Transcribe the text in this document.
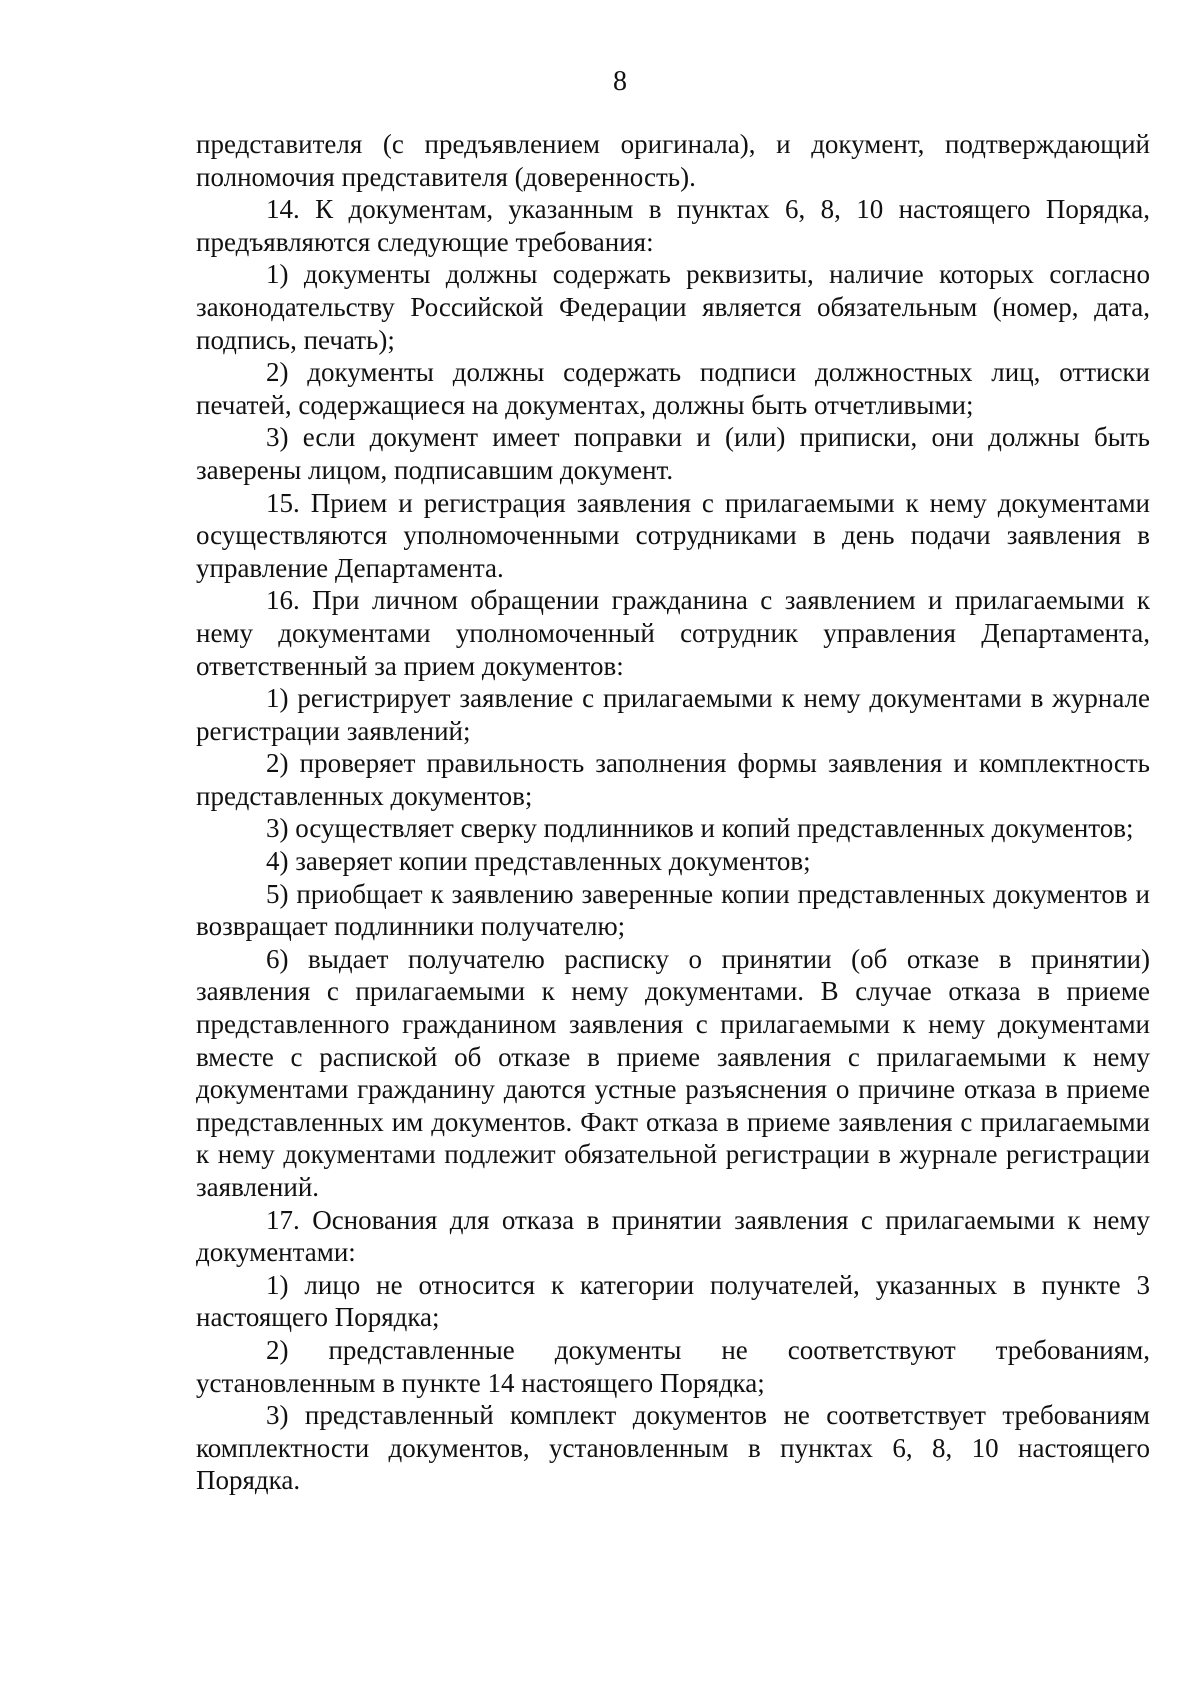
8

представителя (с предъявлением оригинала), и документ, подтверждающий полномочия представителя (доверенность).

14. К документам, указанным в пунктах 6, 8, 10 настоящего Порядка, предъявляются следующие требования:

1) документы должны содержать реквизиты, наличие которых согласно законодательству Российской Федерации является обязательным (номер, дата, подпись, печать);

2) документы должны содержать подписи должностных лиц, оттиски печатей, содержащиеся на документах, должны быть отчетливыми;

3) если документ имеет поправки и (или) приписки, они должны быть заверены лицом, подписавшим документ.

15. Прием и регистрация заявления с прилагаемыми к нему документами осуществляются уполномоченными сотрудниками в день подачи заявления в управление Департамента.

16. При личном обращении гражданина с заявлением и прилагаемыми к нему документами уполномоченный сотрудник управления Департамента, ответственный за прием документов:

1) регистрирует заявление с прилагаемыми к нему документами в журнале регистрации заявлений;

2) проверяет правильность заполнения формы заявления и комплектность представленных документов;

3) осуществляет сверку подлинников и копий представленных документов;

4) заверяет копии представленных документов;

5) приобщает к заявлению заверенные копии представленных документов и возвращает подлинники получателю;

6) выдает получателю расписку о принятии (об отказе в принятии) заявления с прилагаемыми к нему документами. В случае отказа в приеме представленного гражданином заявления с прилагаемыми к нему документами вместе с распиской об отказе в приеме заявления с прилагаемыми к нему документами гражданину даются устные разъяснения о причине отказа в приеме представленных им документов. Факт отказа в приеме заявления с прилагаемыми к нему документами подлежит обязательной регистрации в журнале регистрации заявлений.

17. Основания для отказа в принятии заявления с прилагаемыми к нему документами:

1) лицо не относится к категории получателей, указанных в пункте 3 настоящего Порядка;

2) представленные документы не соответствуют требованиям, установленным в пункте 14 настоящего Порядка;

3) представленный комплект документов не соответствует требованиям комплектности документов, установленным в пунктах 6, 8, 10 настоящего Порядка.
